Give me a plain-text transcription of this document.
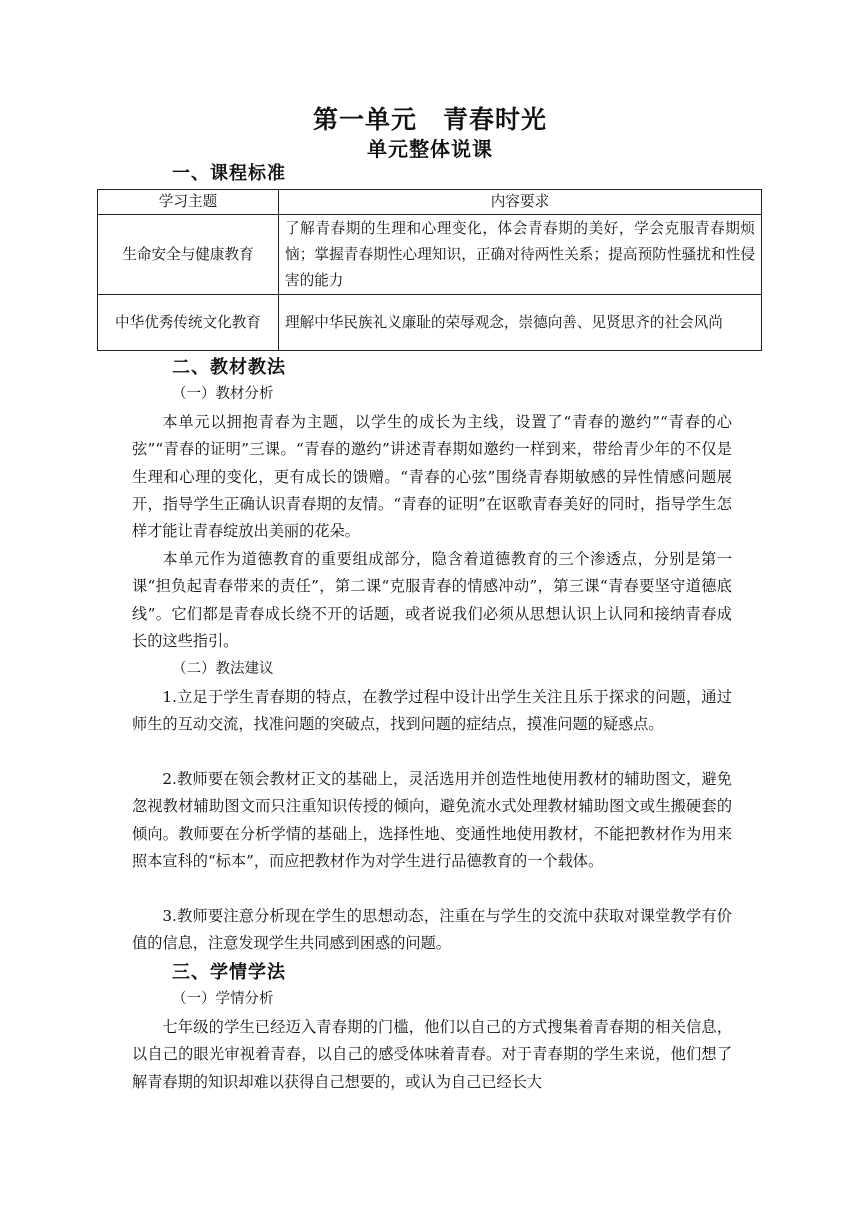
第一单元　青春时光
单元整体说课
一、课程标准
学习主题	内容要求
生命安全与健康教育	了解青春期的生理和心理变化，体会青春期的美好，学会克服青春期烦恼；掌握青春期性心理知识，正确对待两性关系；提高预防性骚扰和性侵害的能力
中华优秀传统文化教育	理解中华民族礼义廉耻的荣辱观念，崇德向善、见贤思齐的社会风尚
二、教材教法
（一）教材分析

本单元以拥抱青春为主题，以学生的成长为主线，设置了“青春的邀约”“青春的心弦”“青春的证明”三课。“青春的邀约”讲述青春期如邀约一样到来，带给青少年的不仅是生理和心理的变化，更有成长的馈赠。“青春的心弦”围绕青春期敏感的异性情感问题展开，指导学生正确认识青春期的友情。“青春的证明”在讴歌青春美好的同时，指导学生怎样才能让青春绽放出美丽的花朵。

本单元作为道德教育的重要组成部分，隐含着道德教育的三个渗透点，分别是第一课“担负起青春带来的责任”，第二课“克服青春的情感冲动”，第三课“青春要坚守道德底线”。它们都是青春成长绕不开的话题，或者说我们必须从思想认识上认同和接纳青春成长的这些指引。

（二）教法建议

1.立足于学生青春期的特点，在教学过程中设计出学生关注且乐于探求的问题，通过师生的互动交流，找准问题的突破点，找到问题的症结点，摸准问题的疑惑点。

2.教师要在领会教材正文的基础上，灵活选用并创造性地使用教材的辅助图文，避免忽视教材辅助图文而只注重知识传授的倾向，避免流水式处理教材辅助图文或生搬硬套的倾向。教师要在分析学情的基础上，选择性地、变通性地使用教材，不能把教材作为用来照本宣科的“标本”，而应把教材作为对学生进行品德教育的一个载体。

3.教师要注意分析现在学生的思想动态，注重在与学生的交流中获取对课堂教学有价值的信息，注意发现学生共同感到困惑的问题。

三、学情学法
（一）学情分析

七年级的学生已经迈入青春期的门槛，他们以自己的方式搜集着青春期的相关信息，以自己的眼光审视着青春，以自己的感受体味着青春。对于青春期的学生来说，他们想了解青春期的知识却难以获得自己想要的，或认为自己已经长大
